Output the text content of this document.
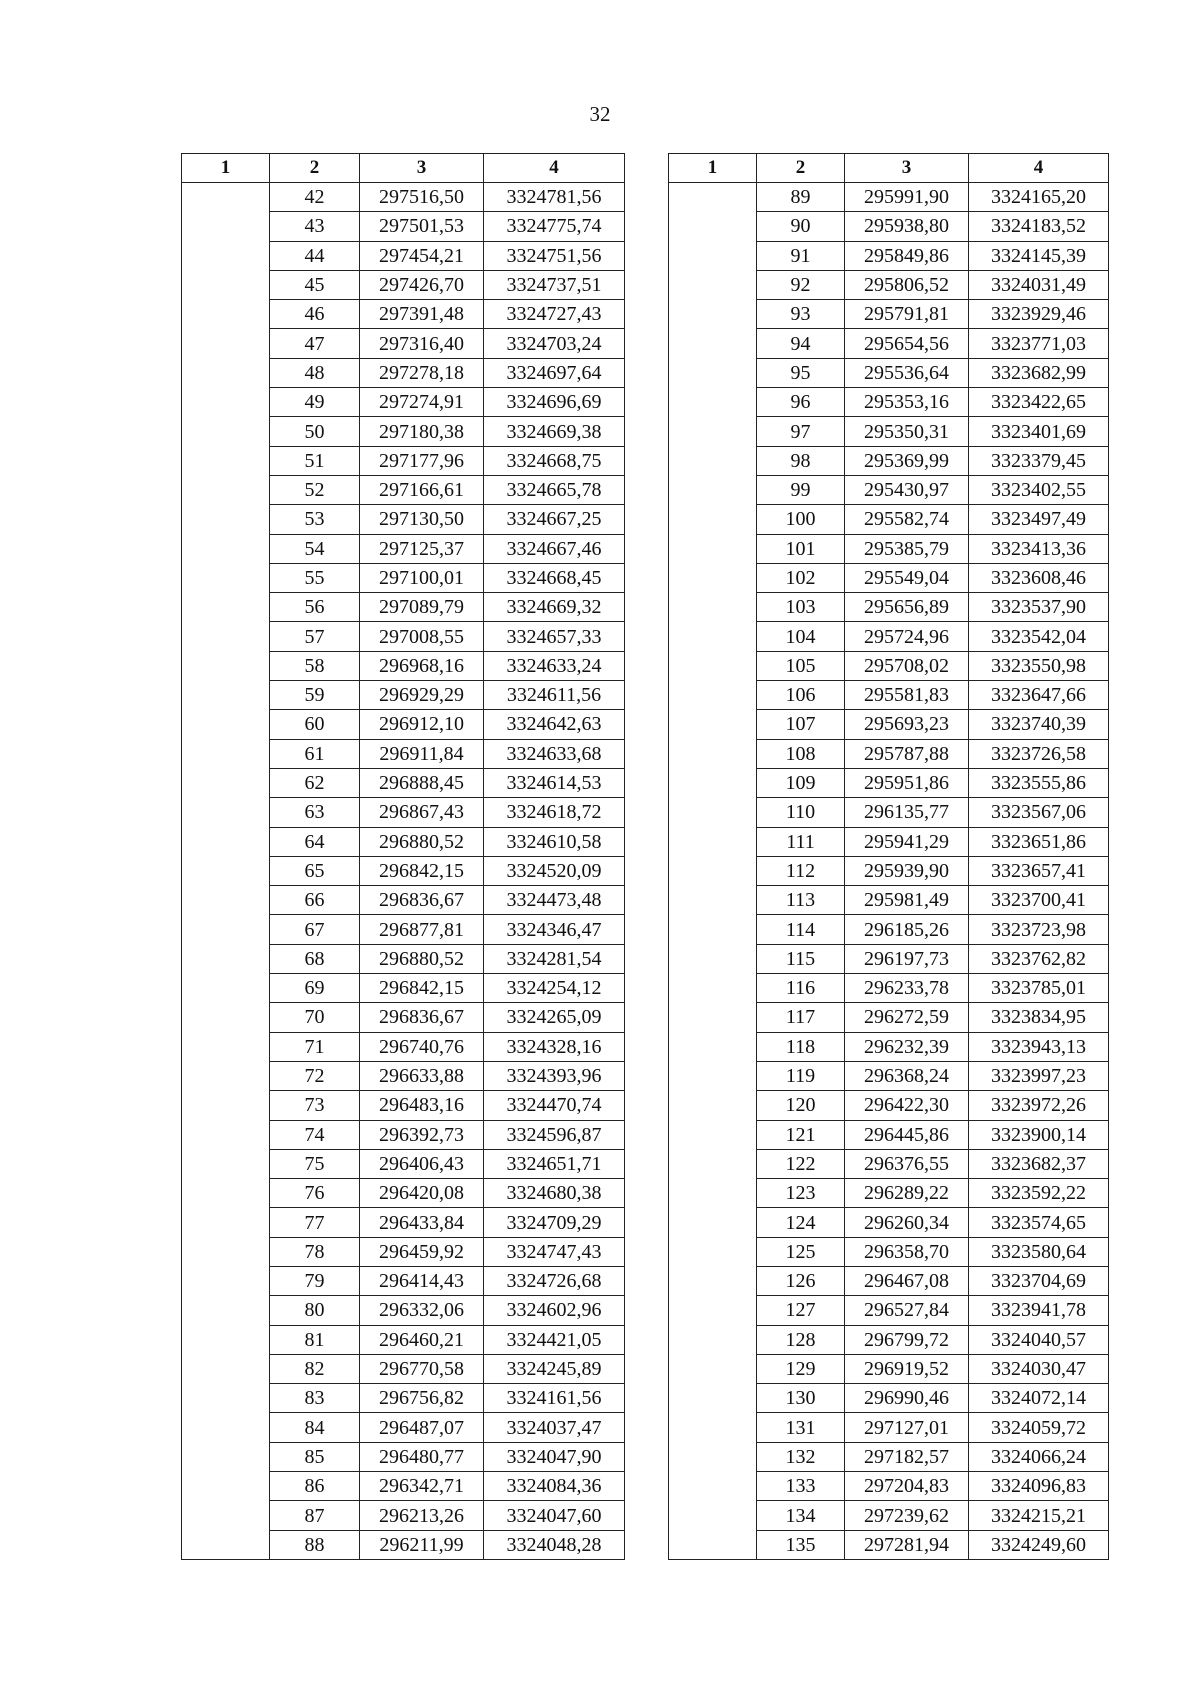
32
1	2	3	4
	42	297516,50	3324781,56
	43	297501,53	3324775,74
	44	297454,21	3324751,56
	45	297426,70	3324737,51
	46	297391,48	3324727,43
	47	297316,40	3324703,24
	48	297278,18	3324697,64
	49	297274,91	3324696,69
	50	297180,38	3324669,38
	51	297177,96	3324668,75
	52	297166,61	3324665,78
	53	297130,50	3324667,25
	54	297125,37	3324667,46
	55	297100,01	3324668,45
	56	297089,79	3324669,32
	57	297008,55	3324657,33
	58	296968,16	3324633,24
	59	296929,29	3324611,56
	60	296912,10	3324642,63
	61	296911,84	3324633,68
	62	296888,45	3324614,53
	63	296867,43	3324618,72
	64	296880,52	3324610,58
	65	296842,15	3324520,09
	66	296836,67	3324473,48
	67	296877,81	3324346,47
	68	296880,52	3324281,54
	69	296842,15	3324254,12
	70	296836,67	3324265,09
	71	296740,76	3324328,16
	72	296633,88	3324393,96
	73	296483,16	3324470,74
	74	296392,73	3324596,87
	75	296406,43	3324651,71
	76	296420,08	3324680,38
	77	296433,84	3324709,29
	78	296459,92	3324747,43
	79	296414,43	3324726,68
	80	296332,06	3324602,96
	81	296460,21	3324421,05
	82	296770,58	3324245,89
	83	296756,82	3324161,56
	84	296487,07	3324037,47
	85	296480,77	3324047,90
	86	296342,71	3324084,36
	87	296213,26	3324047,60
	88	296211,99	3324048,28
1	2	3	4
	89	295991,90	3324165,20
	90	295938,80	3324183,52
	91	295849,86	3324145,39
	92	295806,52	3324031,49
	93	295791,81	3323929,46
	94	295654,56	3323771,03
	95	295536,64	3323682,99
	96	295353,16	3323422,65
	97	295350,31	3323401,69
	98	295369,99	3323379,45
	99	295430,97	3323402,55
	100	295582,74	3323497,49
	101	295385,79	3323413,36
	102	295549,04	3323608,46
	103	295656,89	3323537,90
	104	295724,96	3323542,04
	105	295708,02	3323550,98
	106	295581,83	3323647,66
	107	295693,23	3323740,39
	108	295787,88	3323726,58
	109	295951,86	3323555,86
	110	296135,77	3323567,06
	111	295941,29	3323651,86
	112	295939,90	3323657,41
	113	295981,49	3323700,41
	114	296185,26	3323723,98
	115	296197,73	3323762,82
	116	296233,78	3323785,01
	117	296272,59	3323834,95
	118	296232,39	3323943,13
	119	296368,24	3323997,23
	120	296422,30	3323972,26
	121	296445,86	3323900,14
	122	296376,55	3323682,37
	123	296289,22	3323592,22
	124	296260,34	3323574,65
	125	296358,70	3323580,64
	126	296467,08	3323704,69
	127	296527,84	3323941,78
	128	296799,72	3324040,57
	129	296919,52	3324030,47
	130	296990,46	3324072,14
	131	297127,01	3324059,72
	132	297182,57	3324066,24
	133	297204,83	3324096,83
	134	297239,62	3324215,21
	135	297281,94	3324249,60
